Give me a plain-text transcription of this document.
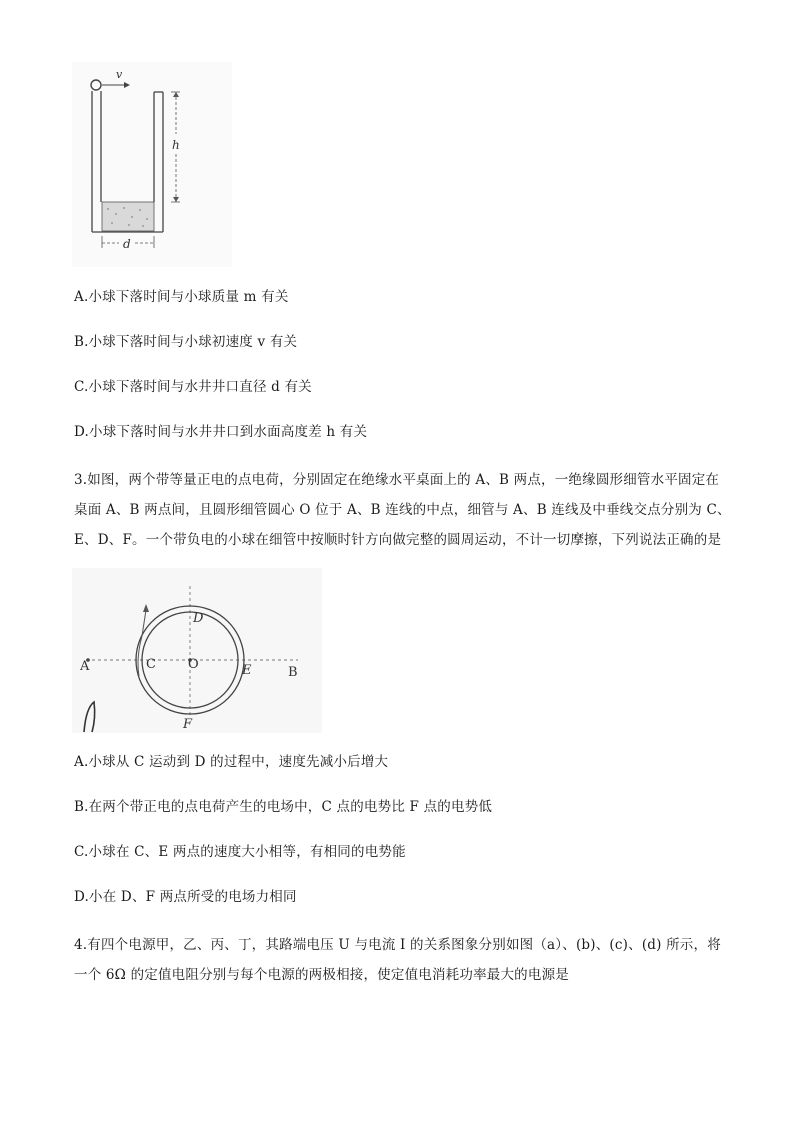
v
h
d
A.小球下落时间与小球质量 m 有关
B.小球下落时间与小球初速度 v 有关
C.小球下落时间与水井井口直径 d 有关
D.小球下落时间与水井井口到水面高度差 h 有关
3.如图，两个带等量正电的点电荷，分别固定在绝缘水平桌面上的 A、B 两点，一绝缘圆形细管水平固定在
桌面 A、B 两点间，且圆形细管圆心 O 位于 A、B 连线的中点，细管与 A、B 连线及中垂线交点分别为 C、
E、D、F。一个带负电的小球在细管中按顺时针方向做完整的圆周运动，不计一切摩擦，下列说法正确的是
A	B
C O
D
E
F
A.小球从 C 运动到 D 的过程中，速度先减小后增大
B.在两个带正电的点电荷产生的电场中，C 点的电势比 F 点的电势低
C.小球在 C、E 两点的速度大小相等，有相同的电势能
D.小在 D、F 两点所受的电场力相同
4.有四个电源甲，乙、丙、丁，其路端电压 U 与电流 I 的关系图象分别如图（a）、(b)、(c)、(d) 所示，将
一个 6Ω 的定值电阻分别与每个电源的两极相接，使定值电消耗功率最大的电源是
